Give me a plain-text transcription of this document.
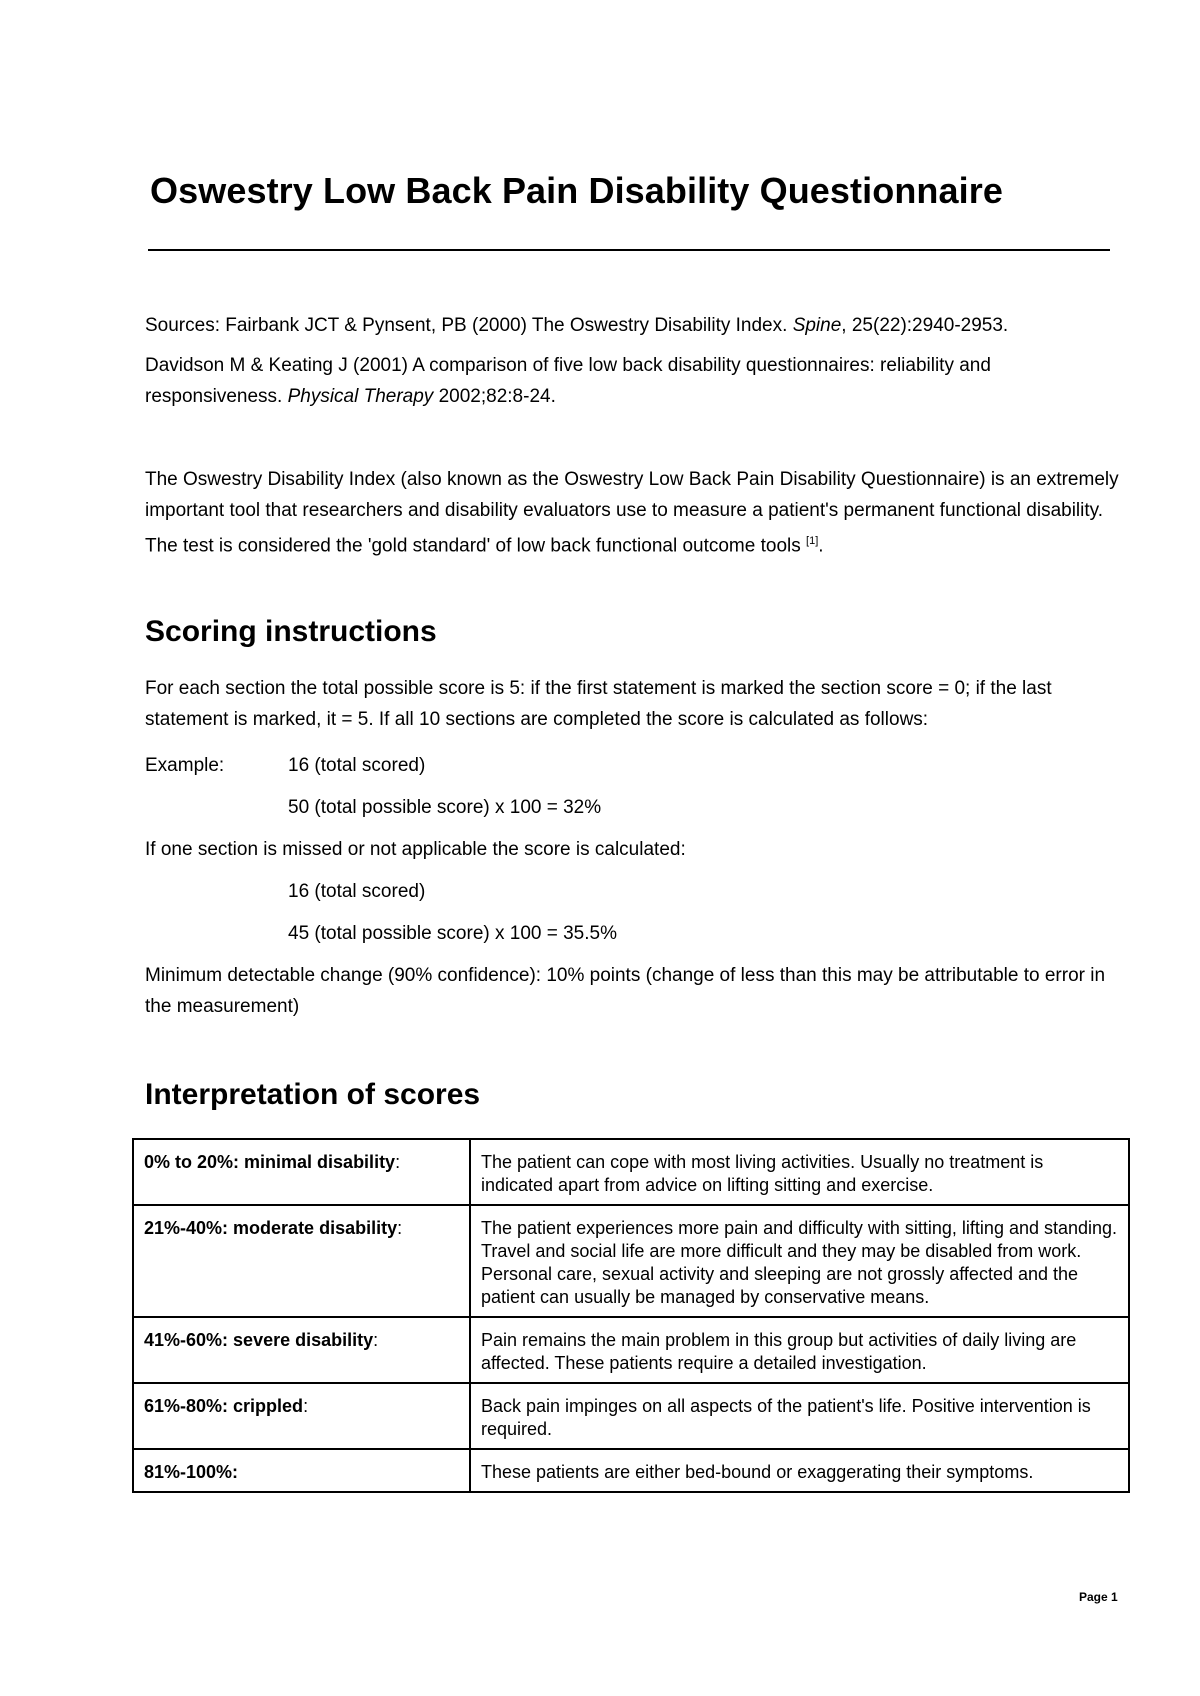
Oswestry Low Back Pain Disability Questionnaire

Sources: Fairbank JCT & Pynsent, PB (2000) The Oswestry Disability Index. Spine, 25(22):2940-2953.

Davidson M & Keating J (2001) A comparison of five low back disability questionnaires: reliability and responsiveness. Physical Therapy 2002;82:8-24.

The Oswestry Disability Index (also known as the Oswestry Low Back Pain Disability Questionnaire) is an extremely important tool that researchers and disability evaluators use to measure a patient's permanent functional disability. The test is considered the 'gold standard' of low back functional outcome tools [1].

Scoring instructions

For each section the total possible score is 5: if the first statement is marked the section score = 0; if the last statement is marked, it = 5. If all 10 sections are completed the score is calculated as follows:

Example:	16 (total scored)

50 (total possible score) x 100 = 32%

If one section is missed or not applicable the score is calculated:

16 (total scored)

45 (total possible score) x 100 = 35.5%

Minimum detectable change (90% confidence): 10% points (change of less than this may be attributable to error in the measurement)

Interpretation of scores
0% to 20%: minimal disability:	The patient can cope with most living activities. Usually no treatment is indicated apart from advice on lifting sitting and exercise.
21%-40%: moderate disability:	The patient experiences more pain and difficulty with sitting, lifting and standing. Travel and social life are more difficult and they may be disabled from work. Personal care, sexual activity and sleeping are not grossly affected and the patient can usually be managed by conservative means.
41%-60%: severe disability:	Pain remains the main problem in this group but activities of daily living are affected. These patients require a detailed investigation.
61%-80%: crippled:	Back pain impinges on all aspects of the patient's life. Positive intervention is required.
81%-100%:	These patients are either bed-bound or exaggerating their symptoms.
Page 1
